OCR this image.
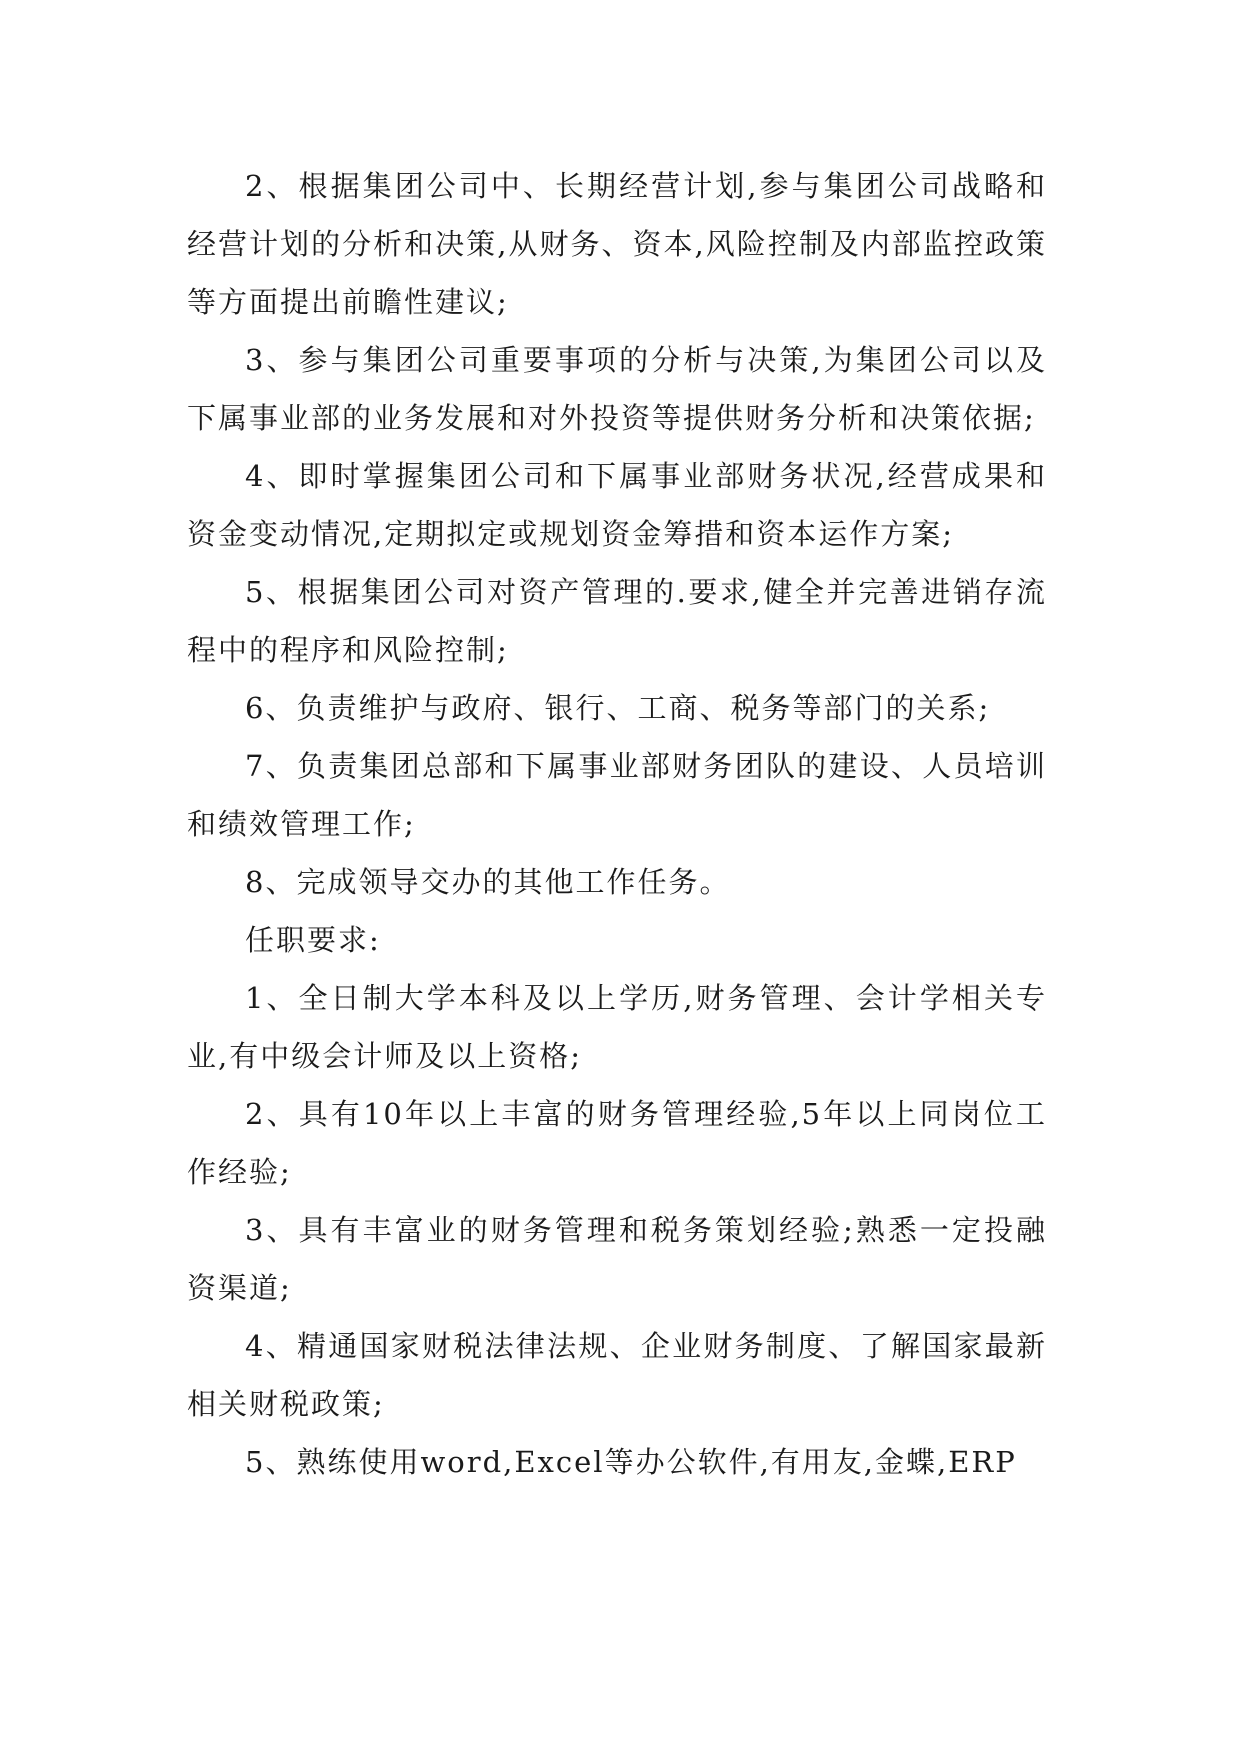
2、根据集团公司中、长期经营计划,参与集团公司战略和经营计划的分析和决策,从财务、资本,风险控制及内部监控政策等方面提出前瞻性建议;

3、参与集团公司重要事项的分析与决策,为集团公司以及下属事业部的业务发展和对外投资等提供财务分析和决策依据;

4、即时掌握集团公司和下属事业部财务状况,经营成果和资金变动情况,定期拟定或规划资金筹措和资本运作方案;

5、根据集团公司对资产管理的.要求,健全并完善进销存流程中的程序和风险控制;

6、负责维护与政府、银行、工商、税务等部门的关系;

7、负责集团总部和下属事业部财务团队的建设、人员培训和绩效管理工作;

8、完成领导交办的其他工作任务。

任职要求:

1、全日制大学本科及以上学历,财务管理、会计学相关专业,有中级会计师及以上资格;

2、具有10年以上丰富的财务管理经验,5年以上同岗位工作经验;

3、具有丰富业的财务管理和税务策划经验;熟悉一定投融资渠道;

4、精通国家财税法律法规、企业财务制度、了解国家最新相关财税政策;

5、熟练使用word,Excel等办公软件,有用友,金蝶,ERP
